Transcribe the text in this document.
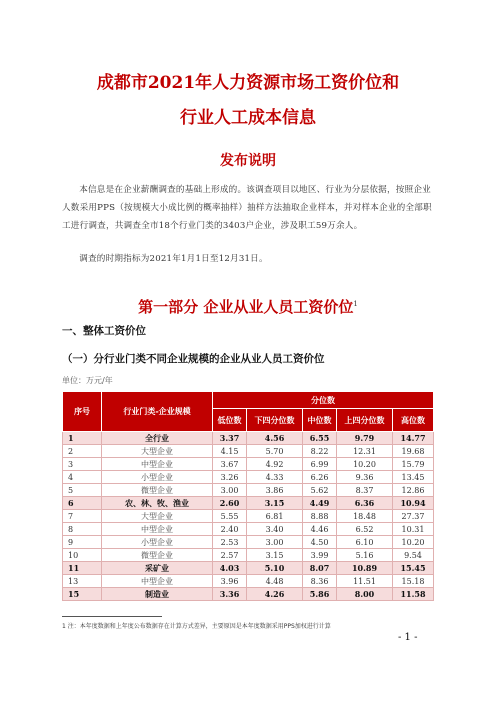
成都市2021年人力资源市场工资价位和
行业人工成本信息
发布说明
本信息是在企业薪酬调查的基础上形成的。该调查项目以地区、行业为分层依据，按照企业人数采用PPS（按规模大小成比例的概率抽样）抽样方法抽取企业样本，并对样本企业的全部职工进行调查，共调查全市18个行业门类的3403户企业，涉及职工59万余人。
调查的时期指标为2021年1月1日至12月31日。
第一部分 企业从业人员工资价位$^1$
一、整体工资价位
（一）分行业门类不同企业规模的企业从业人员工资价位
单位：万元/年
序号	行业门类-企业规模	分位数				
		低位数	下四分位数	中位数	上四分位数	高位数
1	全行业	3.37	4.56	6.55	9.79	14.77
2	大型企业	4.15	5.70	8.22	12.31	19.68
3	中型企业	3.67	4.92	6.99	10.20	15.79
4	小型企业	3.26	4.33	6.26	9.36	13.45
5	微型企业	3.00	3.86	5.62	8.37	12.86
6	农、林、牧、渔业	2.60	3.15	4.49	6.36	10.94
7	大型企业	5.55	6.81	8.88	18.48	27.37
8	中型企业	2.40	3.40	4.46	6.52	10.31
9	小型企业	2.53	3.00	4.50	6.10	10.20
10	微型企业	2.57	3.15	3.99	5.16	9.54
11	采矿业	4.03	5.10	8.07	10.89	15.45
13	中型企业	3.96	4.48	8.36	11.51	15.18
15	制造业	3.36	4.26	5.86	8.00	11.58
1 注：本年度数据和上年度公布数据存在计算方式差异，主要原因是本年度数据采用PPS加权进行计算
- 1 -
